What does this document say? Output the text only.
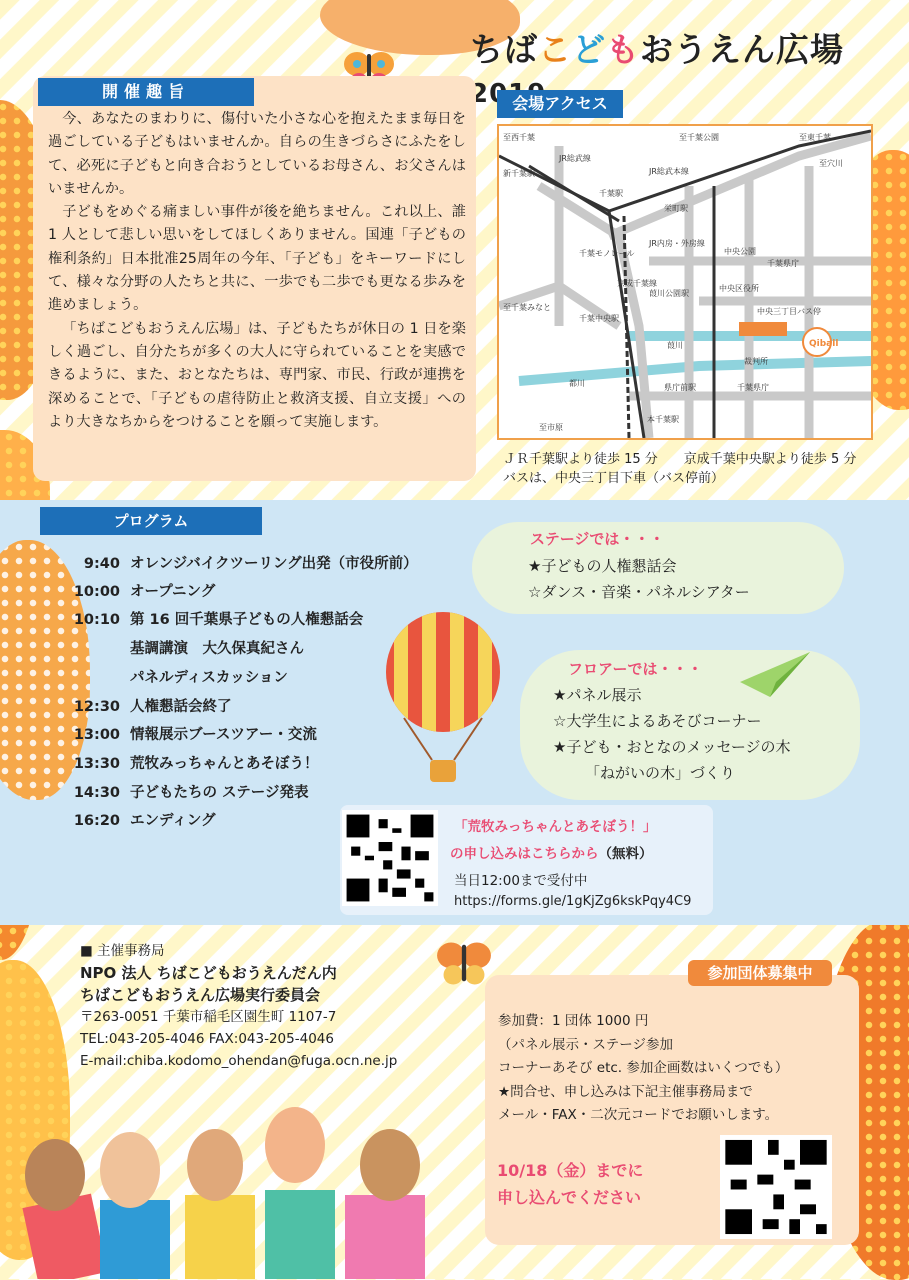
ちばこどもおうえん広場
開催趣旨

今、あなたのまわりに、傷付いた小さな心を抱えたまま毎日を過ごしている子どもはいませんか。自らの生きづらさにふたをして、必死に子どもと向き合おうとしているお母さん、お父さんはいませんか。

子どもをめぐる痛ましい事件が後を絶ちません。これ以上、誰 1 人として悲しい思いをしてほしくありません。国連「子どもの権利条約」日本批准25周年の今年、「子ども」をキーワードにして、様々な分野の人たちと共に、一歩でも二歩でも更なる歩みを進めましょう。

「ちばこどもおうえん広場」は、子どもたちが休日の 1 日を楽しく過ごし、自分たちが多くの大人に守られていることを実感できるように、また、おとなたちは、専門家、市民、行政が連携を深めることで、「子どもの虐待防止と救済支援、自立支援」へのより大きなちからをつけることを願って実施します。

会場アクセス
Qiball
至西千葉
JR総武線
至千葉公園	至東千葉
新千葉駅	JR総武本線
至穴川
千葉駅
栄町駅
千葉モノレール
京成千葉線
JR内房・外房線
中央公園
千葉県庁
千葉中央駅
中央区役所
至千葉みなと
葭川公園駅
中央三丁目バス停
葭川
都川
裁判所
県庁前駅	千葉県庁
至市原
本千葉駅
ＪＲ千葉駅より徒歩 15 分　　京成千葉中央駅より徒歩 5 分
バスは、中央三丁目下車（バス停前）
プログラム
9:40 オレンジバイクツーリング出発（市役所前）
10:00 オープニング
10:10 第 16 回千葉県子どもの人権懇話会
基調講演　大久保真紀さん
パネルディスカッション
12:30 人権懇話会終了
13:00 情報展示ブースツアー・交流
13:30 荒牧みっちゃんとあそぼう！
14:30 子どもたちの ステージ発表
16:20 エンディング
ステージでは・・・
★子どもの人権懇話会
☆ダンス・音楽・パネルシアター
フロアーでは・・・
★パネル展示
☆大学生によるあそびコーナー
★子ども・おとなのメッセージの木
「ねがいの木」づくり
「荒牧みっちゃんとあそぼう！」
の申し込みはこちらから（無料）
当日12:00まで受付中
https://forms.gle/1gKjZg6kskPqy4C9
■ 主催事務局
NPO 法人 ちばこどもおうえんだん内
ちばこどもおうえん広場実行委員会
〒263-0051 千葉市稲毛区園生町 1107-7
TEL:043-205-4046 FAX:043-205-4046
E-mail:chiba.kodomo_ohendan@fuga.ocn.ne.jp
参加団体募集中
参加費：1 団体 1000 円
（パネル展示・ステージ参加
コーナーあそび etc. 参加企画数はいくつでも）
★問合せ、申し込みは下記主催事務局まで
メール・FAX・二次元コードでお願いします。
10/18（金）までに
申し込んでください
